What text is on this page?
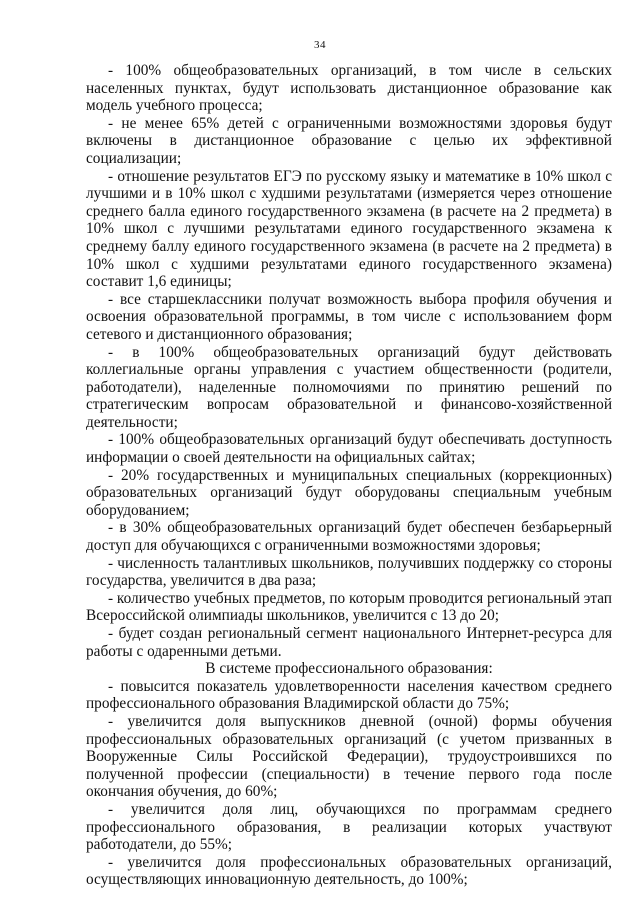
34

- 100% общеобразовательных организаций, в том числе в сельских населенных пунктах, будут использовать дистанционное образование как модель учебного процесса;

- не менее 65% детей с ограниченными возможностями здоровья будут включены в дистанционное образование с целью их эффективной социализации;

- отношение результатов ЕГЭ по русскому языку и математике в 10% школ с лучшими и в 10% школ с худшими результатами (измеряется через отношение среднего балла единого государственного экзамена (в расчете на 2 предмета) в 10% школ с лучшими результатами единого государственного экзамена к среднему баллу единого государственного экзамена (в расчете на 2 предмета) в 10% школ с худшими результатами единого государственного экзамена) составит 1,6 единицы;

- все старшеклассники получат возможность выбора профиля обучения и освоения образовательной программы, в том числе с использованием форм сетевого и дистанционного образования;

- в 100% общеобразовательных организаций будут действовать коллегиальные органы управления с участием общественности (родители, работодатели), наделенные полномочиями по принятию решений по стратегическим вопросам образовательной и финансово-хозяйственной деятельности;

- 100% общеобразовательных организаций будут обеспечивать доступность информации о своей деятельности на официальных сайтах;

- 20% государственных и муниципальных специальных (коррекционных) образовательных организаций будут оборудованы специальным учебным оборудованием;

- в 30% общеобразовательных организаций будет обеспечен безбарьерный доступ для обучающихся с ограниченными возможностями здоровья;

- численность талантливых школьников, получивших поддержку со стороны государства, увеличится в два раза;

- количество учебных предметов, по которым проводится региональный этап Всероссийской олимпиады школьников, увеличится с 13 до 20;

- будет создан региональный сегмент национального Интернет-ресурса для работы с одаренными детьми.

В системе профессионального образования:

- повысится показатель удовлетворенности населения качеством среднего профессионального образования Владимирской области до 75%;

- увеличится доля выпускников дневной (очной) формы обучения профессиональных образовательных организаций (с учетом призванных в Вооруженные Силы Российской Федерации), трудоустроившихся по полученной профессии (специальности) в течение первого года после окончания обучения, до 60%;

- увеличится доля лиц, обучающихся по программам среднего профессионального образования, в реализации которых участвуют работодатели, до 55%;

- увеличится доля профессиональных образовательных организаций, осуществляющих инновационную деятельность, до 100%;
